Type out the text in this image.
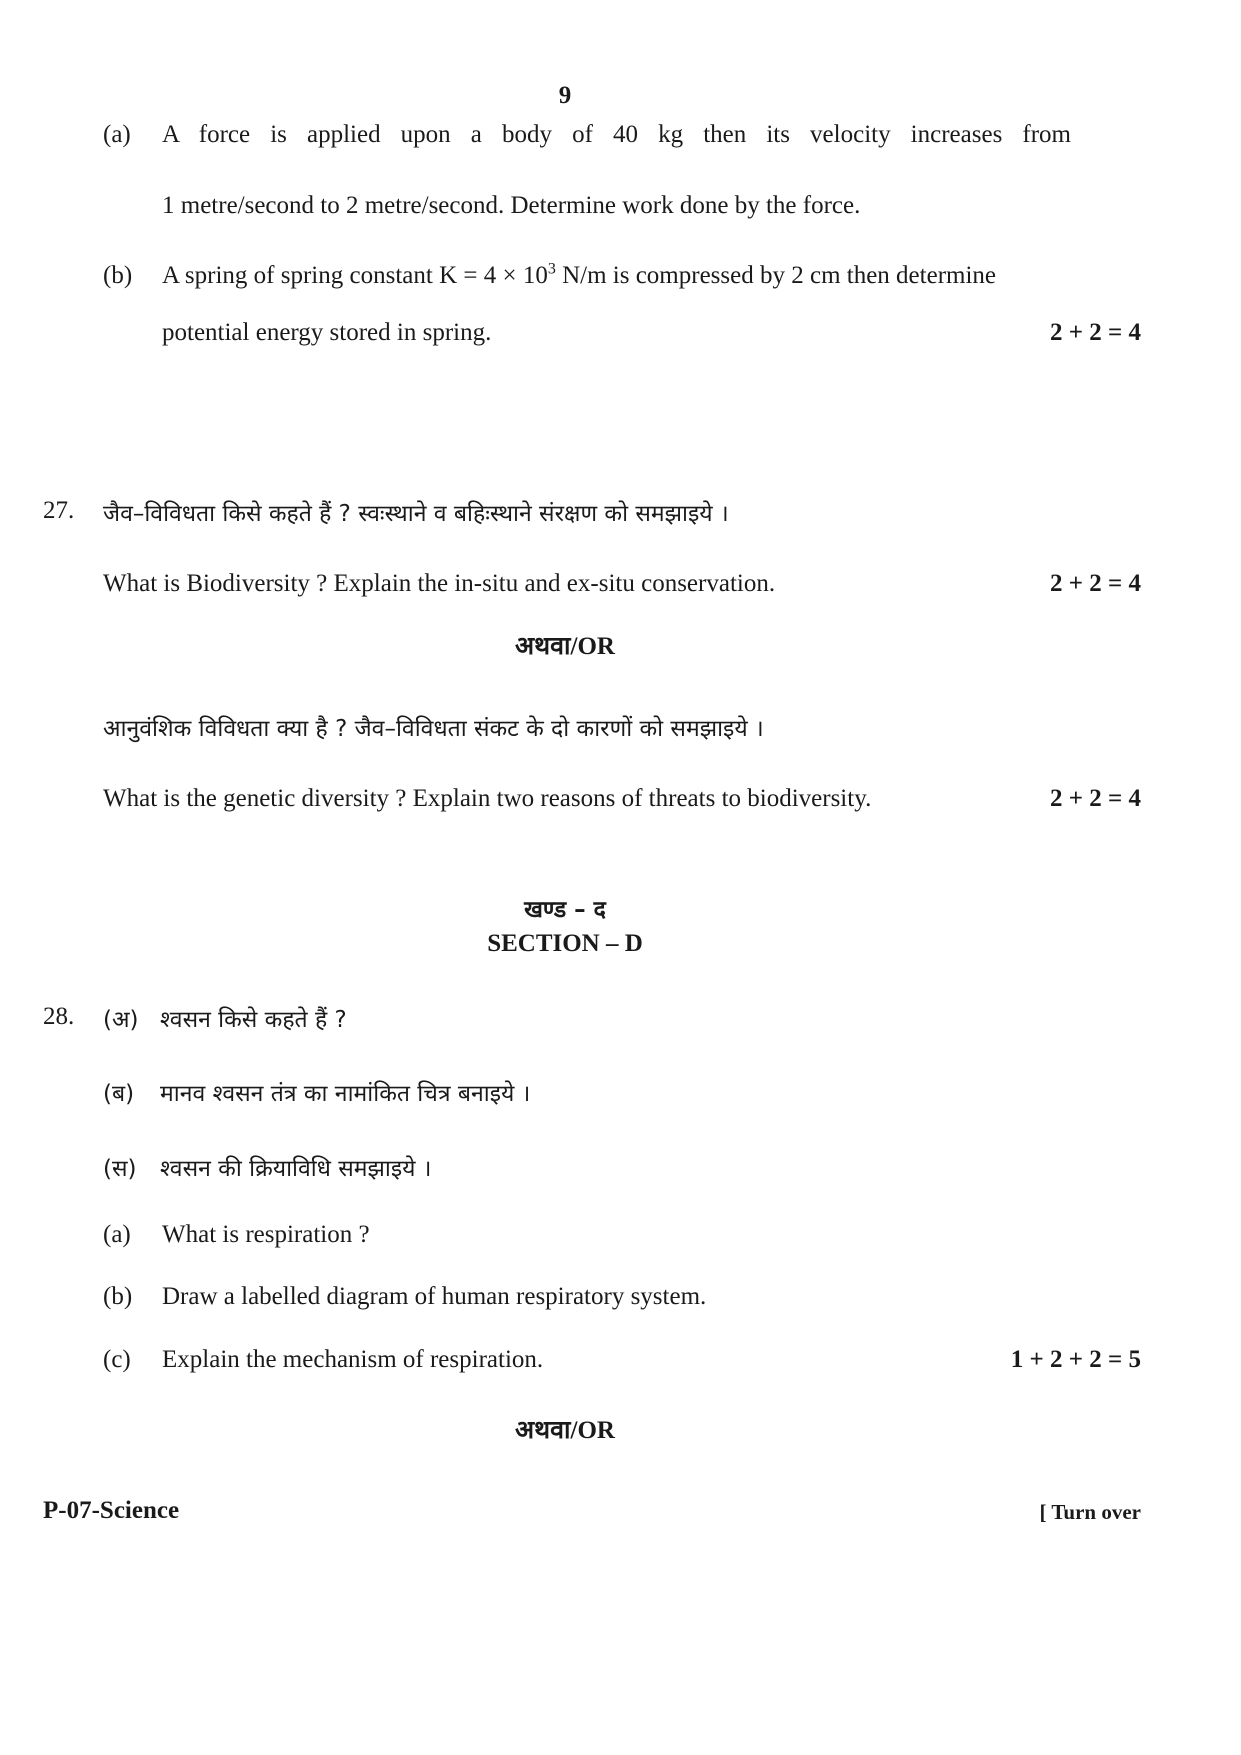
9
(a) A force is applied upon a body of 40 kg then its velocity increases from
1 metre/second to 2 metre/second. Determine work done by the force.
(b) A spring of spring constant $K = 4 \times 10^3$ N/m is compressed by 2 cm then determine
potential energy stored in spring.	2 + 2 = 4
27. जैव–विविधता किसे कहते हैं ? स्वःस्थाने व बहिःस्थाने संरक्षण को समझाइये ।
What is Biodiversity ? Explain the in-situ and ex-situ conservation.	2 + 2 = 4
अथवा/OR
आनुवंशिक विविधता क्या है ? जैव–विविधता संकट के दो कारणों को समझाइये ।
What is the genetic diversity ? Explain two reasons of threats to biodiversity.	2 + 2 = 4
खण्ड – द
SECTION – D
28. (अ) श्वसन किसे कहते हैं ?
(ब) मानव श्वसन तंत्र का नामांकित चित्र बनाइये ।
(स) श्वसन की क्रियाविधि समझाइये ।
(a) What is respiration ?
(b) Draw a labelled diagram of human respiratory system.
(c) Explain the mechanism of respiration.	1 + 2 + 2 = 5
अथवा/OR
P-07-Science	[ Turn over
